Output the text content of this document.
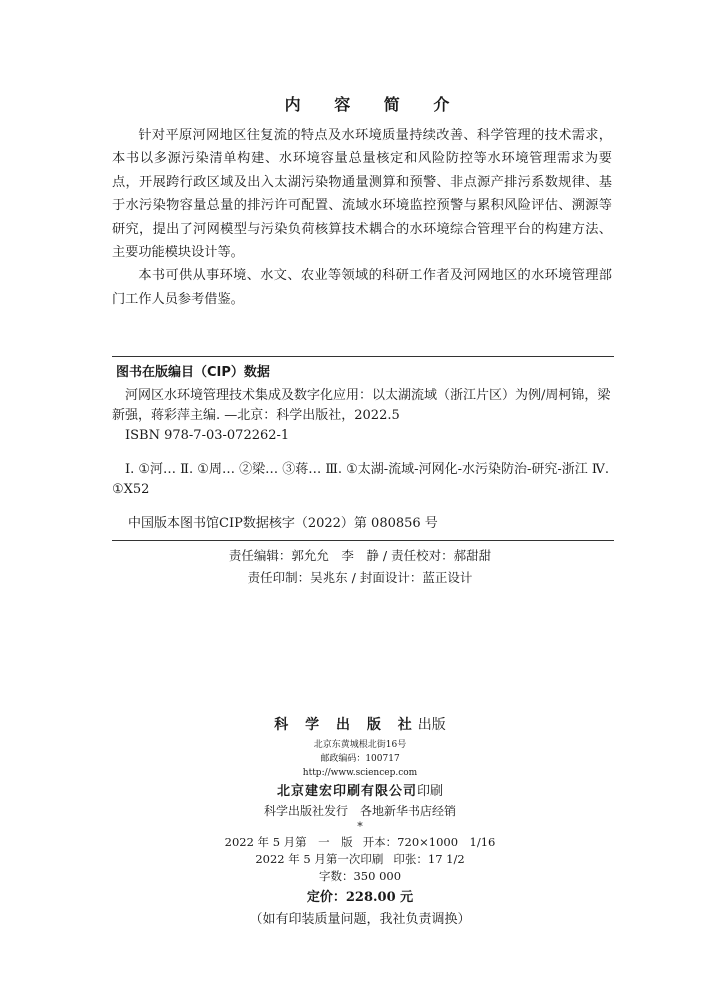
内 容 简 介

针对平原河网地区往复流的特点及水环境质量持续改善、科学管理的技术需求，本书以多源污染清单构建、水环境容量总量核定和风险防控等水环境管理需求为要点，开展跨行政区域及出入太湖污染物通量测算和预警、非点源产排污系数规律、基于水污染物容量总量的排污许可配置、流域水环境监控预警与累积风险评估、溯源等研究，提出了河网模型与污染负荷核算技术耦合的水环境综合管理平台的构建方法、主要功能模块设计等。

本书可供从事环境、水文、农业等领域的科研工作者及河网地区的水环境管理部门工作人员参考借鉴。

图书在版编目（CIP）数据

河网区水环境管理技术集成及数字化应用：以太湖流域（浙江片区）为例/周柯锦，梁新强，蒋彩萍主编. —北京：科学出版社，2022.5

ISBN 978-7-03-072262-1

Ⅰ. ①河… Ⅱ. ①周… ②梁… ③蒋… Ⅲ. ①太湖-流域-河网化-水污染防治-研究-浙江 Ⅳ. ①X52

中国版本图书馆CIP数据核字（2022）第 080856 号
责任编辑：郭允允　李　静 / 责任校对：郝甜甜
责任印制：吴兆东 / 封面设计：蓝正设计
科 学 出 版 社出版
北京东黄城根北街16号
邮政编码：100717
http://www.sciencep.com
北京建宏印刷有限公司印刷
科学出版社发行　各地新华书店经销
*
2022 年 5 月第　一　版 开本：720×1000　1/16
2022 年 5 月第一次印刷 印张：17 1/2
字数：350 000
定价：228.00 元
（如有印装质量问题，我社负责调换）
